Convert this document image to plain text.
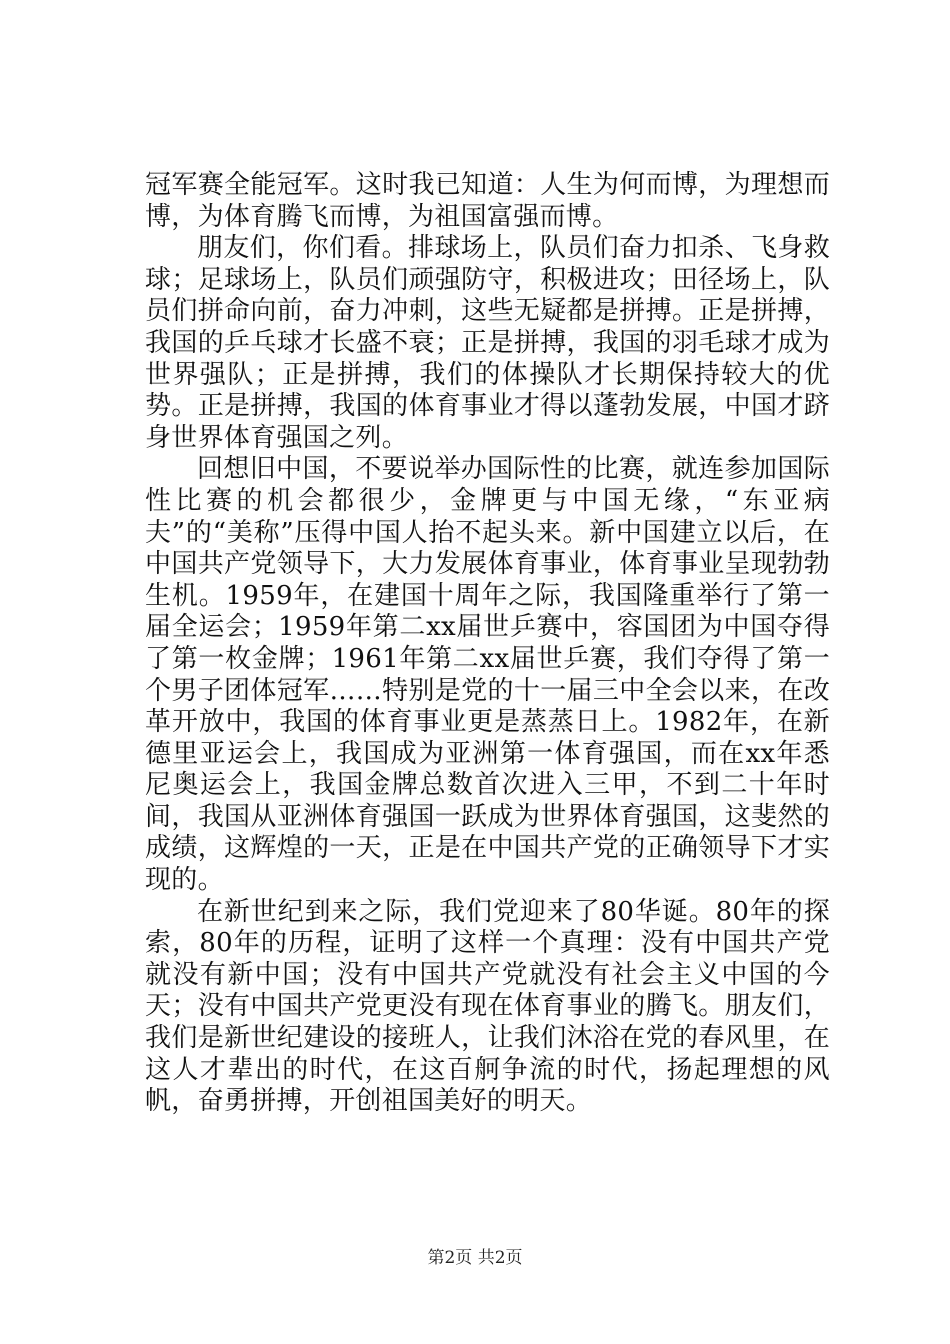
冠军赛全能冠军。这时我已知道：人生为何而博，为理想而博，为体育腾飞而博，为祖国富强而博。

朋友们，你们看。排球场上，队员们奋力扣杀、飞身救球；足球场上，队员们顽强防守，积极进攻；田径场上，队员们拼命向前，奋力冲刺，这些无疑都是拼搏。正是拼搏，我国的乒乓球才长盛不衰；正是拼搏，我国的羽毛球才成为世界强队；正是拼搏，我们的体操队才长期保持较大的优势。正是拼搏，我国的体育事业才得以蓬勃发展，中国才跻身世界体育强国之列。

回想旧中国，不要说举办国际性的比赛，就连参加国际性比赛的机会都很少，金牌更与中国无缘，“东亚病夫”的“美称”压得中国人抬不起头来。新中国建立以后，在中国共产党领导下，大力发展体育事业，体育事业呈现勃勃生机。1959年，在建国十周年之际，我国隆重举行了第一届全运会；1959年第二xx届世乒赛中，容国团为中国夺得了第一枚金牌；1961年第二xx届世乒赛，我们夺得了第一个男子团体冠军……特别是党的十一届三中全会以来，在改革开放中，我国的体育事业更是蒸蒸日上。1982年，在新德里亚运会上，我国成为亚洲第一体育强国，而在xx年悉尼奥运会上，我国金牌总数首次进入三甲，不到二十年时间，我国从亚洲体育强国一跃成为世界体育强国，这斐然的成绩，这辉煌的一天，正是在中国共产党的正确领导下才实现的。

在新世纪到来之际，我们党迎来了80华诞。80年的探索，80年的历程，证明了这样一个真理：没有中国共产党就没有新中国；没有中国共产党就没有社会主义中国的今天；没有中国共产党更没有现在体育事业的腾飞。朋友们，我们是新世纪建设的接班人，让我们沐浴在党的春风里，在这人才辈出的时代，在这百舸争流的时代，扬起理想的风帆，奋勇拼搏，开创祖国美好的明天。

第2页 共2页
